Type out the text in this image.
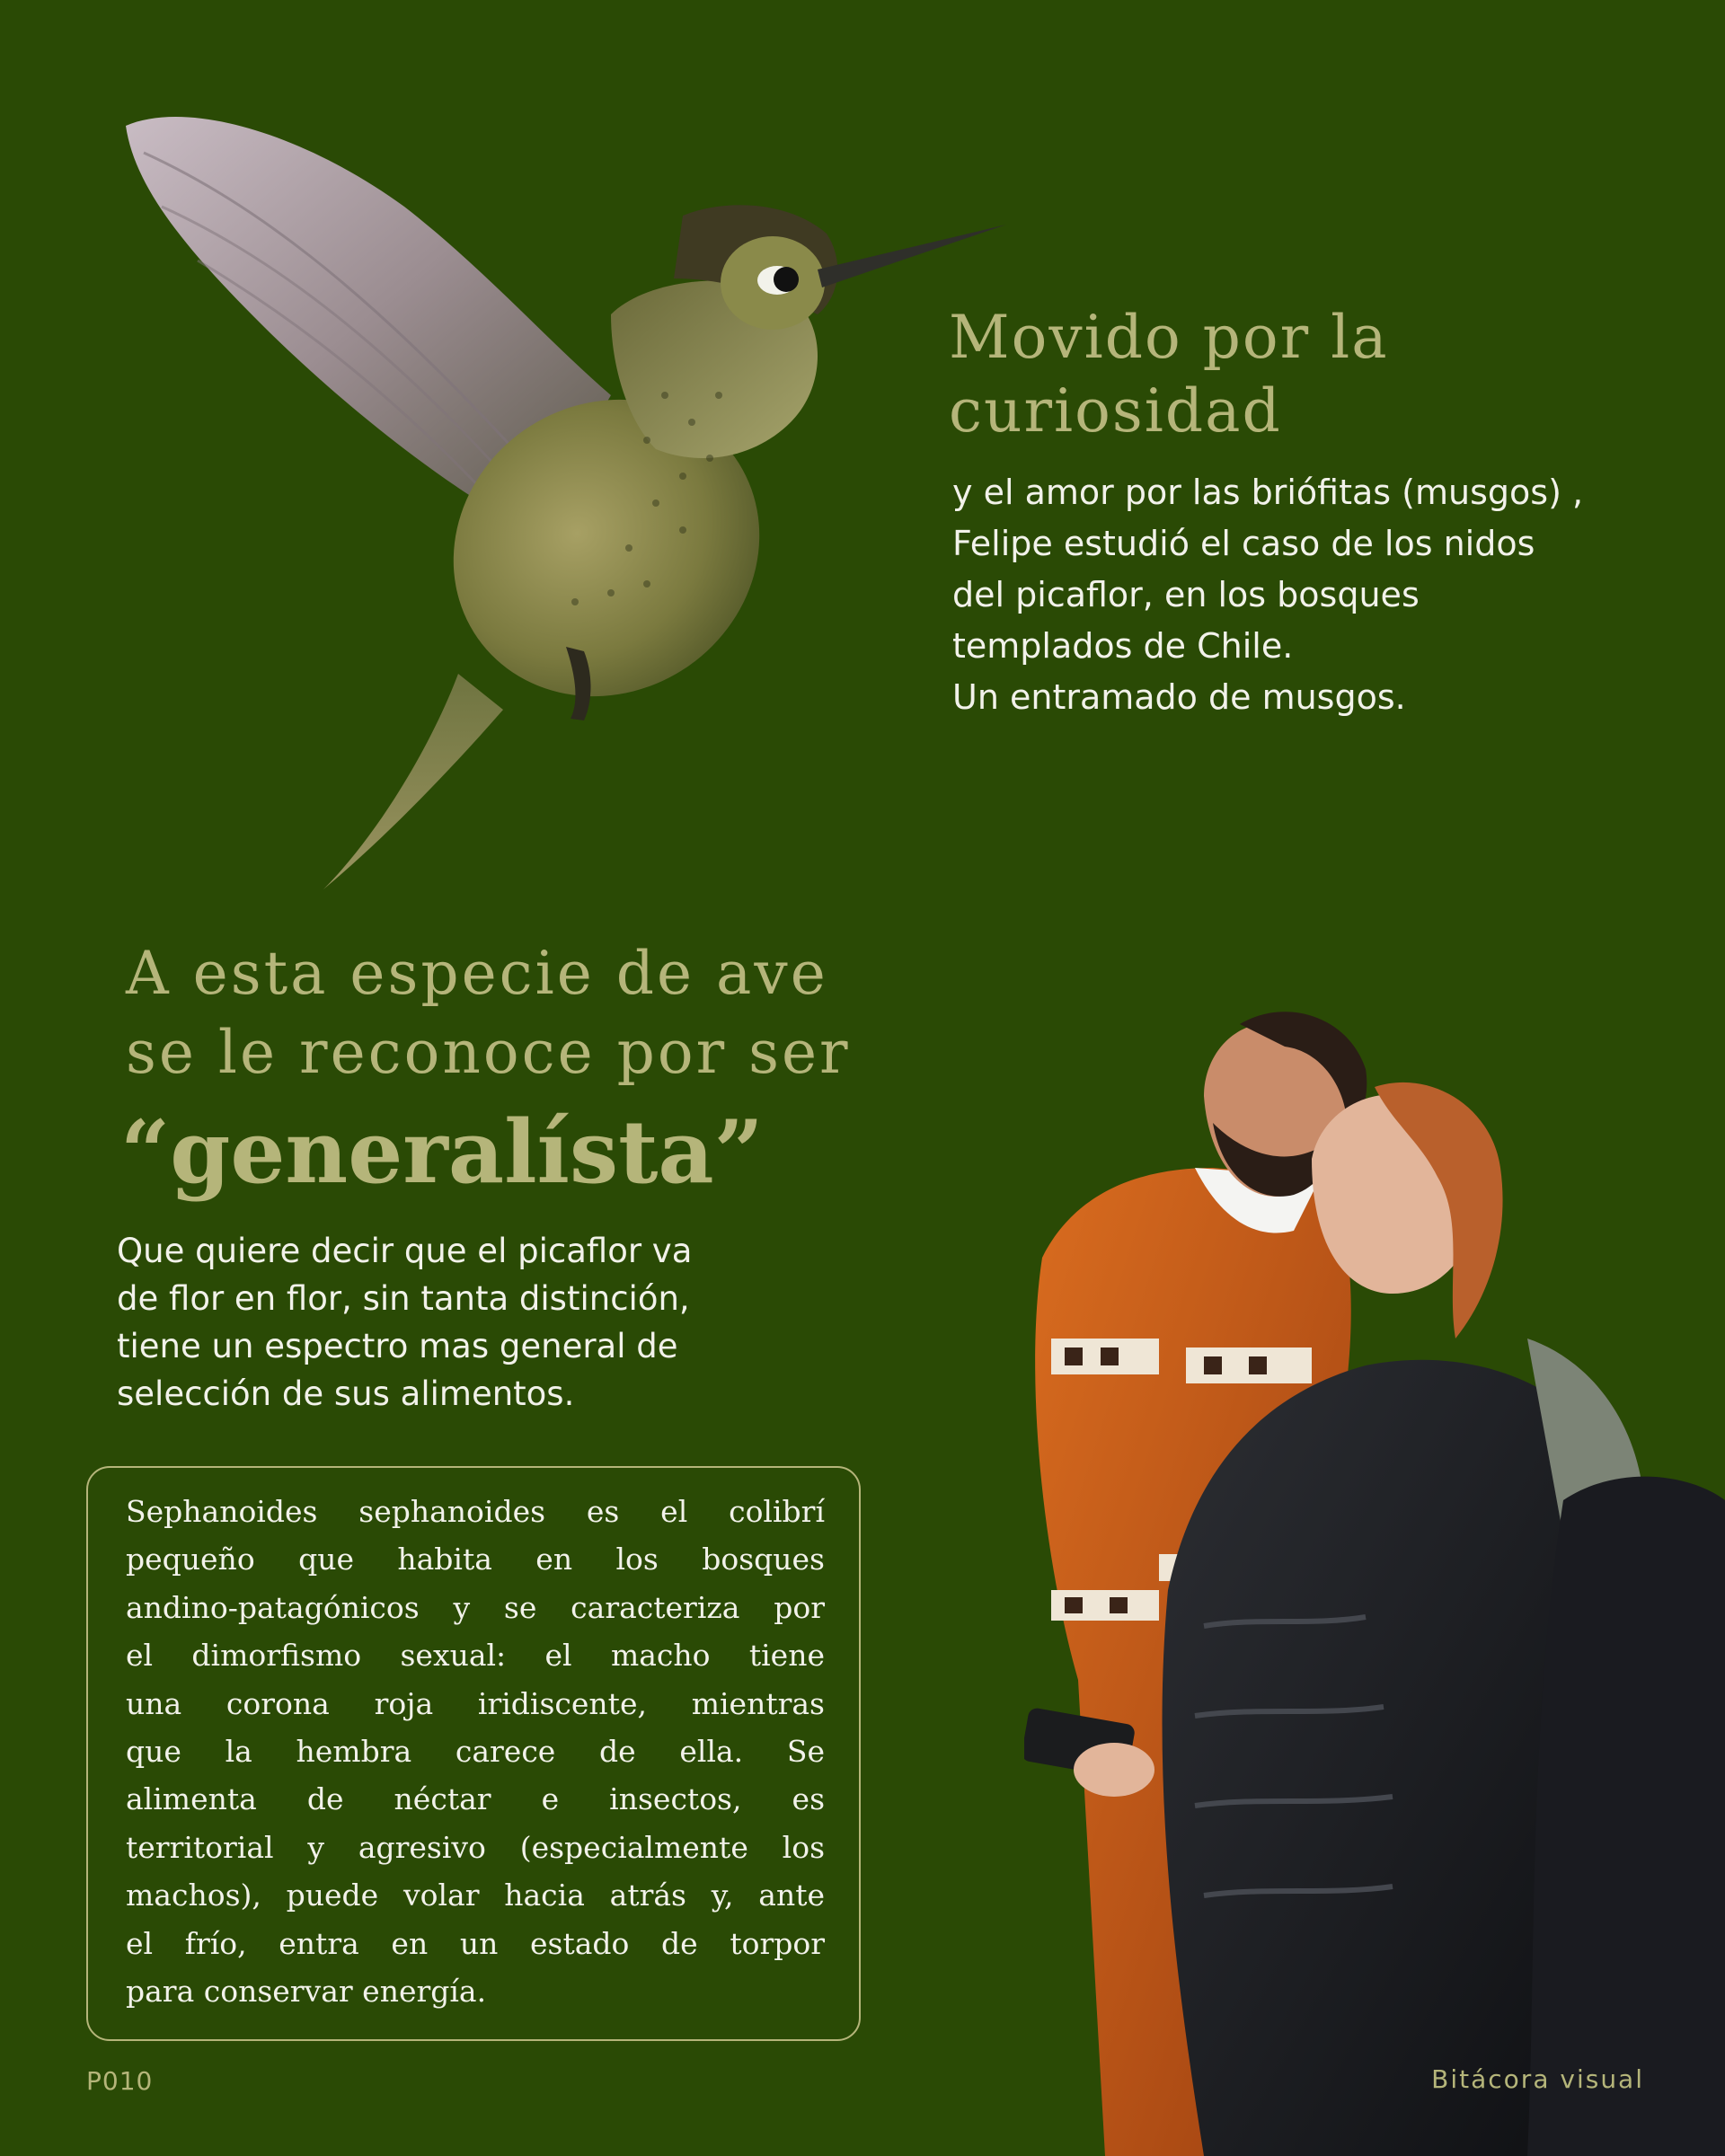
Movido por la
curiosidad

y el amor por las briófitas (musgos) ,
Felipe estudió el caso de los nidos
del picaflor, en los bosques
templados de Chile.
Un entramado de musgos.

A esta especie de ave
se le reconoce por ser
“generalísta”

Que quiere decir que el picaflor va
de flor en flor, sin tanta distinción,
tiene un espectro mas general de
selección de sus alimentos.

Sephanoides sephanoides es el colibrí
pequeño que habita en los bosques
andino-patagónicos y se caracteriza por
el dimorfismo sexual: el macho tiene
una corona roja iridiscente, mientras
que la hembra carece de ella. Se
alimenta de néctar e insectos, es
territorial y agresivo (especialmente los
machos), puede volar hacia atrás y, ante
el frío, entra en un estado de torpor
para conservar energía.

P010	Bitácora visual
